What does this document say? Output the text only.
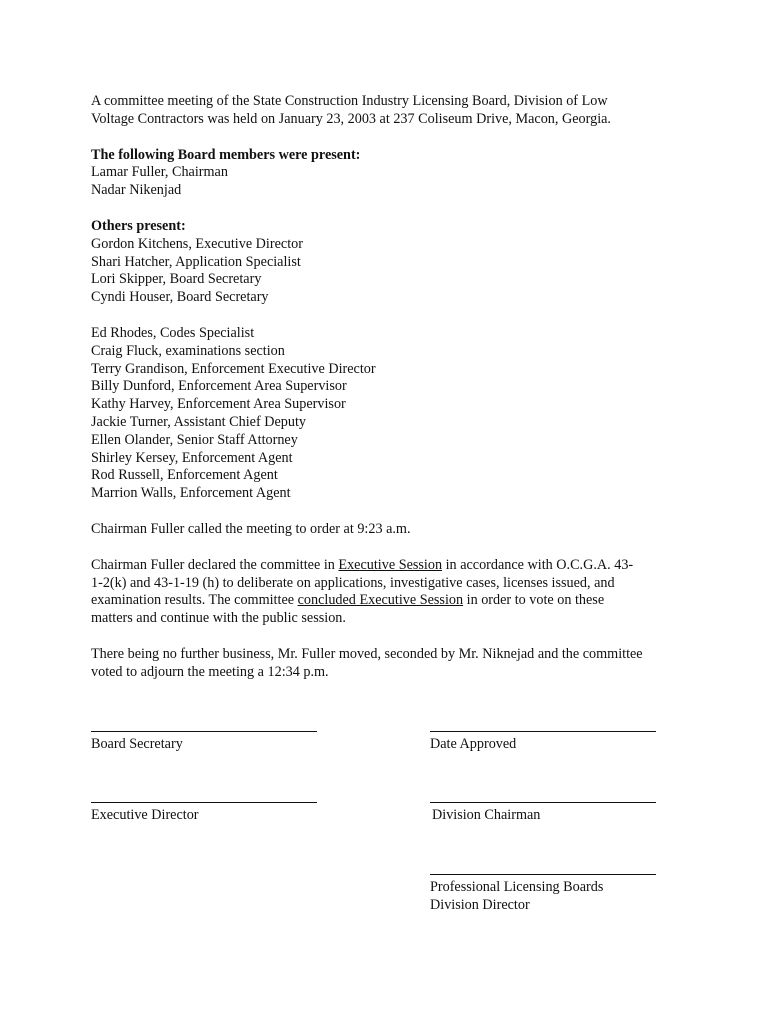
A committee meeting of the State Construction Industry Licensing Board, Division of Low
Voltage Contractors was held on January 23, 2003 at 237 Coliseum Drive, Macon, Georgia.

The following Board members were present:
Lamar Fuller, Chairman
Nadar Nikenjad

Others present:
Gordon Kitchens, Executive Director
Shari Hatcher, Application Specialist
Lori Skipper, Board Secretary
Cyndi Houser, Board Secretary

Ed Rhodes, Codes Specialist
Craig Fluck, examinations section
Terry Grandison, Enforcement Executive Director
Billy Dunford, Enforcement Area Supervisor
Kathy Harvey, Enforcement Area Supervisor
Jackie Turner, Assistant Chief Deputy
Ellen Olander, Senior Staff Attorney
Shirley Kersey, Enforcement Agent
Rod Russell, Enforcement Agent
Marrion Walls, Enforcement Agent

Chairman Fuller called the meeting to order at 9:23 a.m.

Chairman Fuller declared the committee in Executive Session in accordance with O.C.G.A. 43-
1-2(k) and 43-1-19 (h) to deliberate on applications, investigative cases, licenses issued, and
examination results. The committee concluded Executive Session in order to vote on these
matters and continue with the public session.

There being no further business, Mr. Fuller moved, seconded by Mr. Niknejad and the committee
voted to adjourn the meeting a 12:34 p.m.

Board Secretary	Date Approved
Executive Director	Division Chairman
Professional Licensing Boards
Division Director
